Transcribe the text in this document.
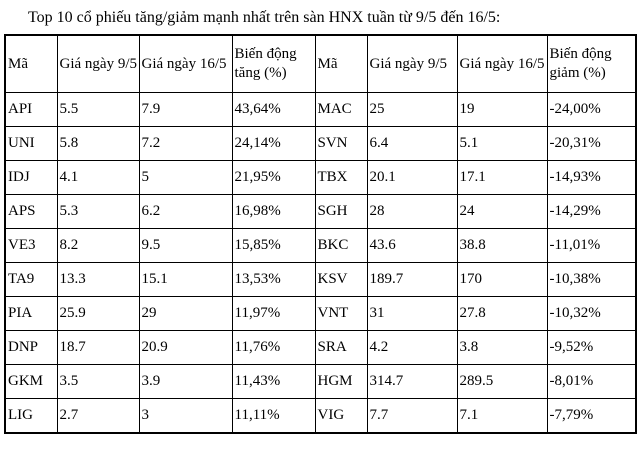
Top 10 cổ phiếu tăng/giảm mạnh nhất trên sàn HNX tuần từ 9/5 đến 16/5:
Mã	Giá ngày 9/5	Giá ngày 16/5	Biến động tăng (%)	Mã	Giá ngày 9/5	Giá ngày 16/5	Biến động giảm (%)
API	5.5	7.9	43,64%	MAC	25	19	-24,00%
UNI	5.8	7.2	24,14%	SVN	6.4	5.1	-20,31%
IDJ	4.1	5	21,95%	TBX	20.1	17.1	-14,93%
APS	5.3	6.2	16,98%	SGH	28	24	-14,29%
VE3	8.2	9.5	15,85%	BKC	43.6	38.8	-11,01%
TA9	13.3	15.1	13,53%	KSV	189.7	170	-10,38%
PIA	25.9	29	11,97%	VNT	31	27.8	-10,32%
DNP	18.7	20.9	11,76%	SRA	4.2	3.8	-9,52%
GKM	3.5	3.9	11,43%	HGM	314.7	289.5	-8,01%
LIG	2.7	3	11,11%	VIG	7.7	7.1	-7,79%
